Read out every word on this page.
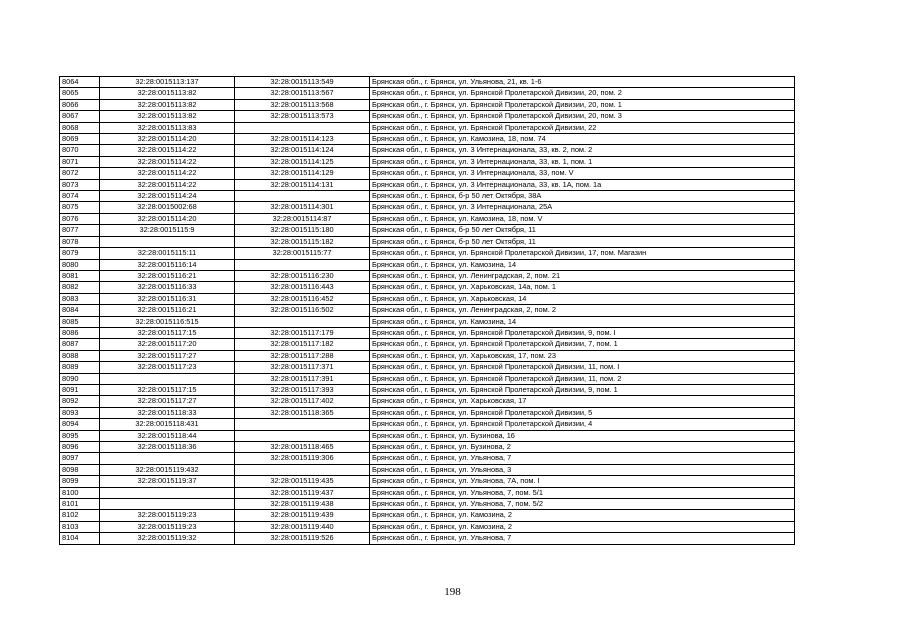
8064	32:28:0015113:137	32:28:0015113:549	Брянская обл., г. Брянск, ул. Ульянова, 21, кв. 1-6
8065	32:28:0015113:82	32:28:0015113:567	Брянская обл., г. Брянск, ул. Брянской Пролетарской Дивизии, 20, пом. 2
8066	32:28:0015113:82	32:28:0015113:568	Брянская обл., г. Брянск, ул. Брянской Пролетарской Дивизии, 20, пом. 1
8067	32:28:0015113:82	32:28:0015113:573	Брянская обл., г. Брянск, ул. Брянской Пролетарской Дивизии, 20, пом. 3
8068	32:28:0015113:83		Брянская обл., г. Брянск, ул. Брянской Пролетарской Дивизии, 22
8069	32:28:0015114:20	32:28:0015114:123	Брянская обл., г. Брянск, ул. Камозина, 18, пом. 74
8070	32:28:0015114:22	32:28:0015114:124	Брянская обл., г. Брянск, ул. 3 Интернационала, 33, кв. 2, пом. 2
8071	32:28:0015114:22	32:28:0015114:125	Брянская обл., г. Брянск, ул. 3 Интернационала, 33, кв. 1, пом. 1
8072	32:28:0015114:22	32:28:0015114:129	Брянская обл., г. Брянск, ул. 3 Интернационала, 33, пом. V
8073	32:28:0015114:22	32:28:0015114:131	Брянская обл., г. Брянск, ул. 3 Интернационала, 33, кв. 1А, пом. 1а
8074	32:28:0015114:24		Брянская обл., г. Брянск, б-р 50 лет Октября, 38А
8075	32:28:0015002:68	32:28:0015114:301	Брянская обл., г. Брянск, ул. 3 Интернационала, 25А
8076	32:28:0015114:20	32:28:0015114:87	Брянская обл., г. Брянск, ул. Камозина, 18, пом. V
8077	32:28:0015115:9	32:28:0015115:180	Брянская обл., г. Брянск, б-р 50 лет Октября, 11
8078		32:28:0015115:182	Брянская обл., г. Брянск, б-р 50 лет Октября, 11
8079	32:28:0015115:11	32:28:0015115:77	Брянская обл., г. Брянск, ул. Брянской Пролетарской Дивизии, 17, пом. Магазин
8080	32:28:0015116:14		Брянская обл., г. Брянск, ул. Камозина, 14
8081	32:28:0015116:21	32:28:0015116:230	Брянская обл., г. Брянск, ул. Ленинградская, 2, пом. 21
8082	32:28:0015116:33	32:28:0015116:443	Брянская обл., г. Брянск, ул. Харьковская, 14а, пом. 1
8083	32:28:0015116:31	32:28:0015116:452	Брянская обл., г. Брянск, ул. Харьковская, 14
8084	32:28:0015116:21	32:28:0015116:502	Брянская обл., г. Брянск, ул. Ленинградская, 2, пом. 2
8085	32:28:0015116:515		Брянская обл., г. Брянск, ул. Камозина, 14
8086	32:28:0015117:15	32:28:0015117:179	Брянская обл., г. Брянск, ул. Брянской Пролетарской Дивизии, 9, пом. I
8087	32:28:0015117:20	32:28:0015117:182	Брянская обл., г. Брянск, ул. Брянской Пролетарской Дивизии, 7, пом. 1
8088	32:28:0015117:27	32:28:0015117:288	Брянская обл., г. Брянск, ул. Харьковская, 17, пом. 23
8089	32:28:0015117:23	32:28:0015117:371	Брянская обл., г. Брянск, ул. Брянской Пролетарской Дивизии, 11, пом. I
8090		32:28:0015117:391	Брянская обл., г. Брянск, ул. Брянской Пролетарской Дивизии, 11, пом. 2
8091	32:28:0015117:15	32:28:0015117:393	Брянская обл., г. Брянск, ул. Брянской Пролетарской Дивизии, 9, пом. 1
8092	32:28:0015117:27	32:28:0015117:402	Брянская обл., г. Брянск, ул. Харьковская, 17
8093	32:28:0015118:33	32:28:0015118:365	Брянская обл., г. Брянск, ул. Брянской Пролетарской Дивизии, 5
8094	32:28:0015118:431		Брянская обл., г. Брянск, ул. Брянской Пролетарской Дивизии, 4
8095	32:28:0015118:44		Брянская обл., г. Брянск, ул. Бузинова, 16
8096	32:28:0015118:36	32:28:0015118:465	Брянская обл., г. Брянск, ул. Бузинова, 2
8097		32:28:0015119:306	Брянская обл., г. Брянск, ул. Ульянова, 7
8098	32:28:0015119:432		Брянская обл., г. Брянск, ул. Ульянова, 3
8099	32:28:0015119:37	32:28:0015119:435	Брянская обл., г. Брянск, ул. Ульянова, 7А, пом. I
8100		32:28:0015119:437	Брянская обл., г. Брянск, ул. Ульянова, 7, пом. 5/1
8101		32:28:0015119:438	Брянская обл., г. Брянск, ул. Ульянова, 7, пом. 5/2
8102	32:28:0015119:23	32:28:0015119:439	Брянская обл., г. Брянск, ул. Камозина, 2
8103	32:28:0015119:23	32:28:0015119:440	Брянская обл., г. Брянск, ул. Камозина, 2
8104	32:28:0015119:32	32:28:0015119:526	Брянская обл., г. Брянск, ул. Ульянова, 7
198
